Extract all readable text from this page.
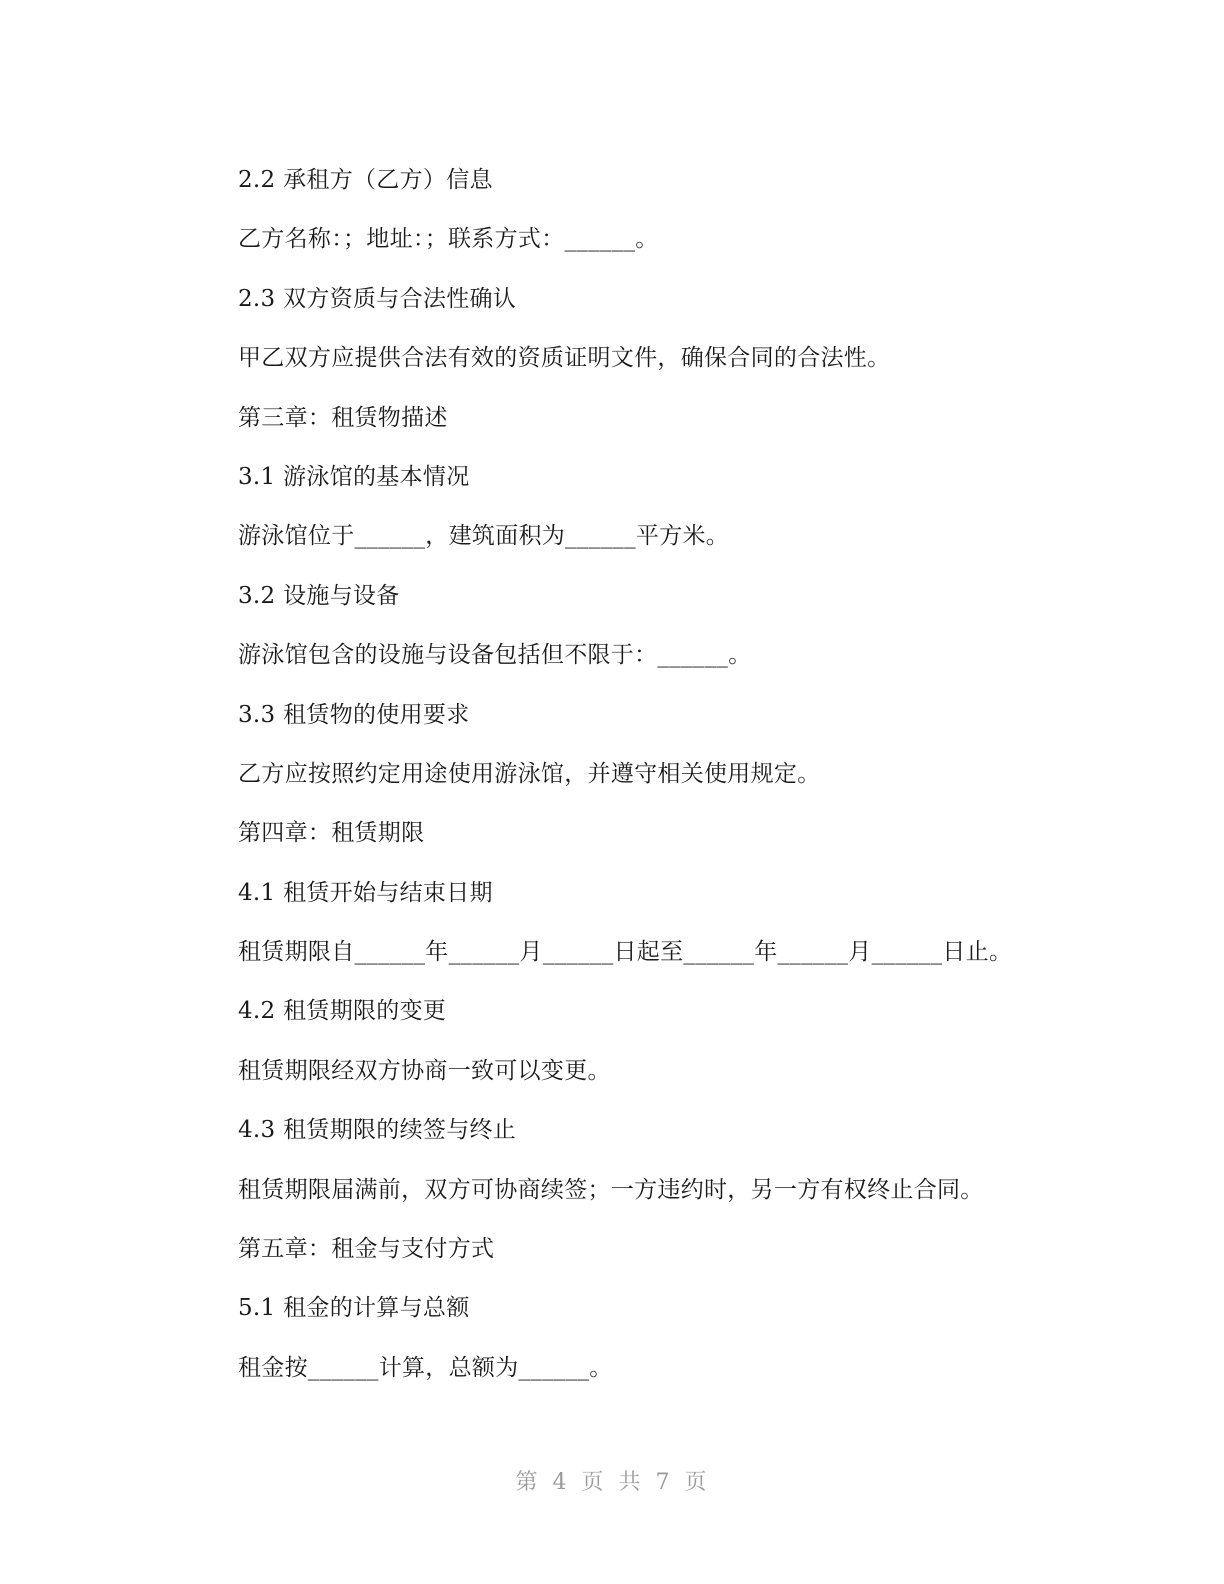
2.2 承租方（乙方）信息
乙方名称：；地址：；联系方式：______。
2.3 双方资质与合法性确认
甲乙双方应提供合法有效的资质证明文件，确保合同的合法性。
第三章：租赁物描述
3.1 游泳馆的基本情况
游泳馆位于______，建筑面积为______平方米。
3.2 设施与设备
游泳馆包含的设施与设备包括但不限于：______。
3.3 租赁物的使用要求
乙方应按照约定用途使用游泳馆，并遵守相关使用规定。
第四章：租赁期限
4.1 租赁开始与结束日期
租赁期限自______年______月______日起至______年______月______日止。
4.2 租赁期限的变更
租赁期限经双方协商一致可以变更。
4.3 租赁期限的续签与终止
租赁期限届满前，双方可协商续签；一方违约时，另一方有权终止合同。
第五章：租金与支付方式
5.1 租金的计算与总额
租金按______计算，总额为______。
第 4 页 共 7 页
